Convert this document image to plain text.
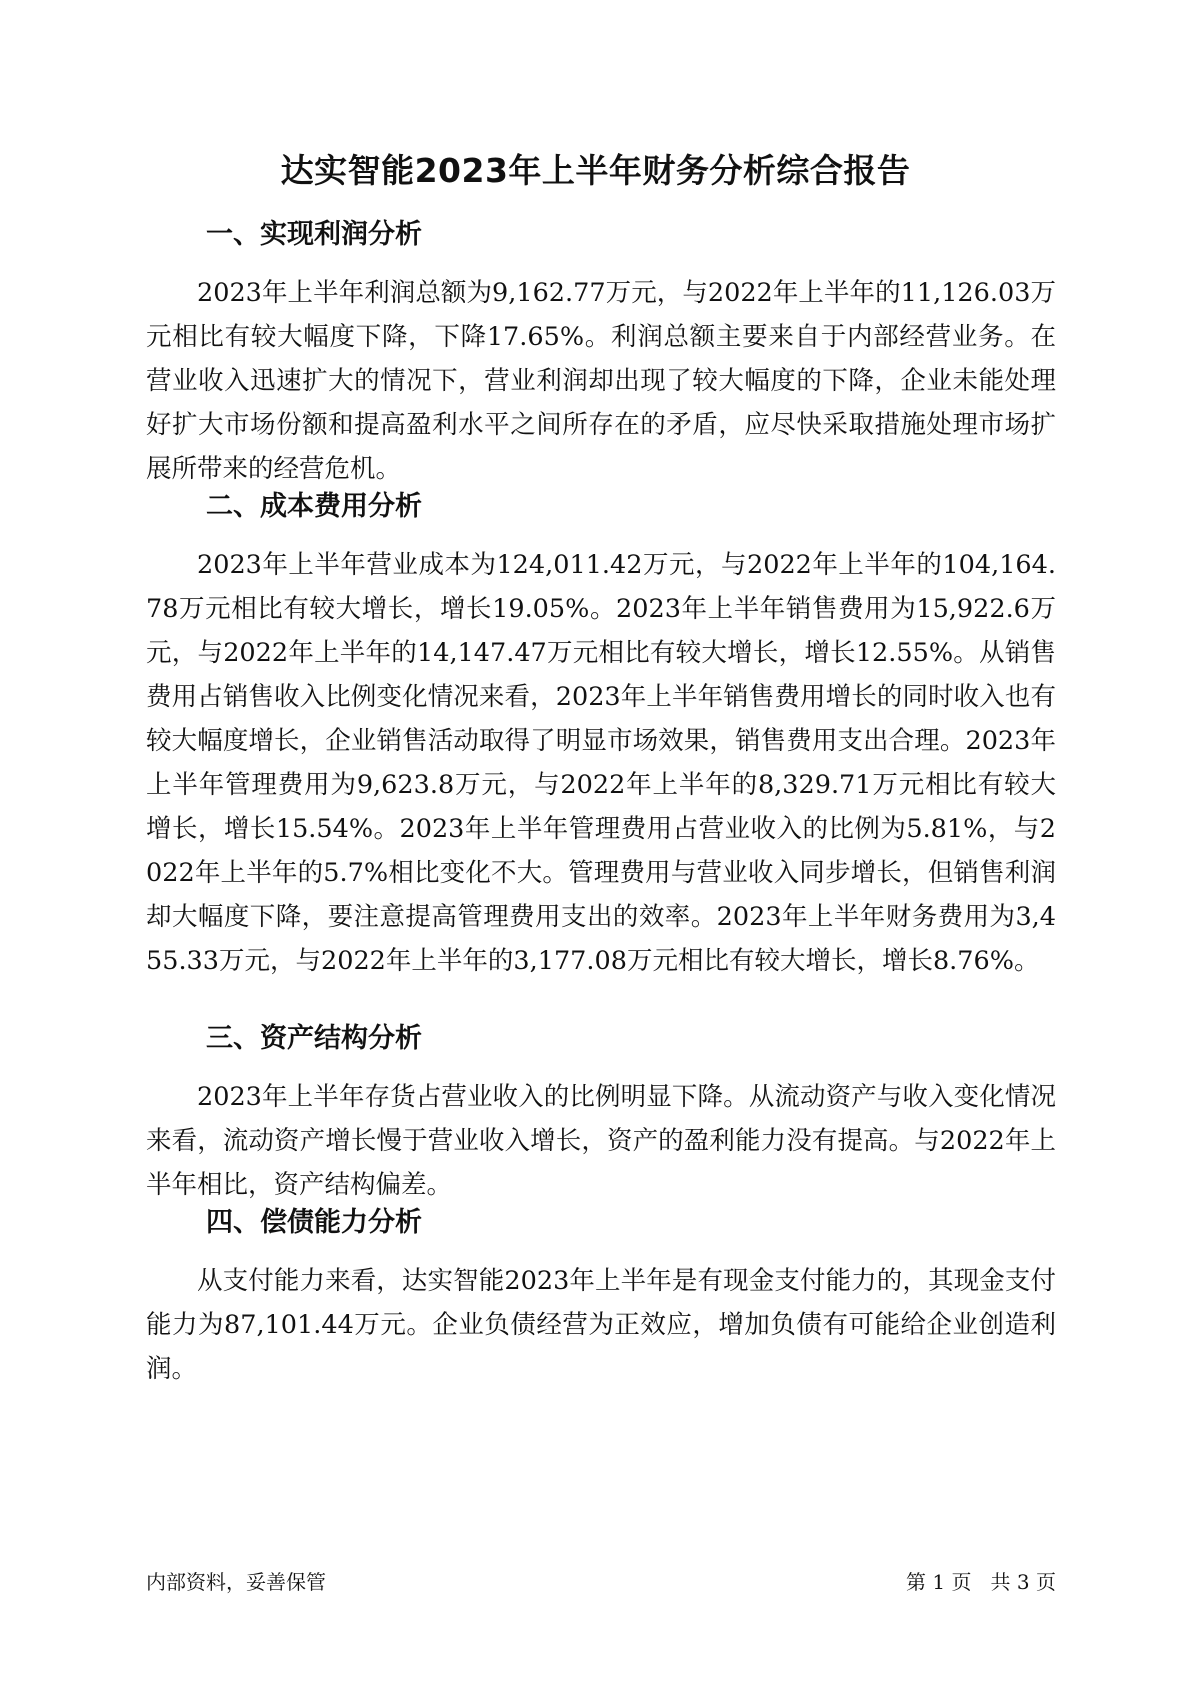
达实智能2023年上半年财务分析综合报告
一、实现利润分析

2023年上半年利润总额为9,162.77万元，与2022年上半年的11,126.03万元相比有较大幅度下降，下降17.65%。利润总额主要来自于内部经营业务。在营业收入迅速扩大的情况下，营业利润却出现了较大幅度的下降，企业未能处理好扩大市场份额和提高盈利水平之间所存在的矛盾，应尽快采取措施处理市场扩展所带来的经营危机。

二、成本费用分析

2023年上半年营业成本为124,011.42万元，与2022年上半年的104,164.78万元相比有较大增长，增长19.05%。2023年上半年销售费用为15,922.6万元，与2022年上半年的14,147.47万元相比有较大增长，增长12.55%。从销售费用占销售收入比例变化情况来看，2023年上半年销售费用增长的同时收入也有较大幅度增长，企业销售活动取得了明显市场效果，销售费用支出合理。2023年上半年管理费用为9,623.8万元，与2022年上半年的8,329.71万元相比有较大增长，增长15.54%。2023年上半年管理费用占营业收入的比例为5.81%，与2022年上半年的5.7%相比变化不大。管理费用与营业收入同步增长，但销售利润却大幅度下降，要注意提高管理费用支出的效率。2023年上半年财务费用为3,455.33万元，与2022年上半年的3,177.08万元相比有较大增长，增长8.76%。

三、资产结构分析

2023年上半年存货占营业收入的比例明显下降。从流动资产与收入变化情况来看，流动资产增长慢于营业收入增长，资产的盈利能力没有提高。与2022年上半年相比，资产结构偏差。

四、偿债能力分析

从支付能力来看，达实智能2023年上半年是有现金支付能力的，其现金支付能力为87,101.44万元。企业负债经营为正效应，增加负债有可能给企业创造利润。

内部资料，妥善保管	第 1 页   共 3 页
